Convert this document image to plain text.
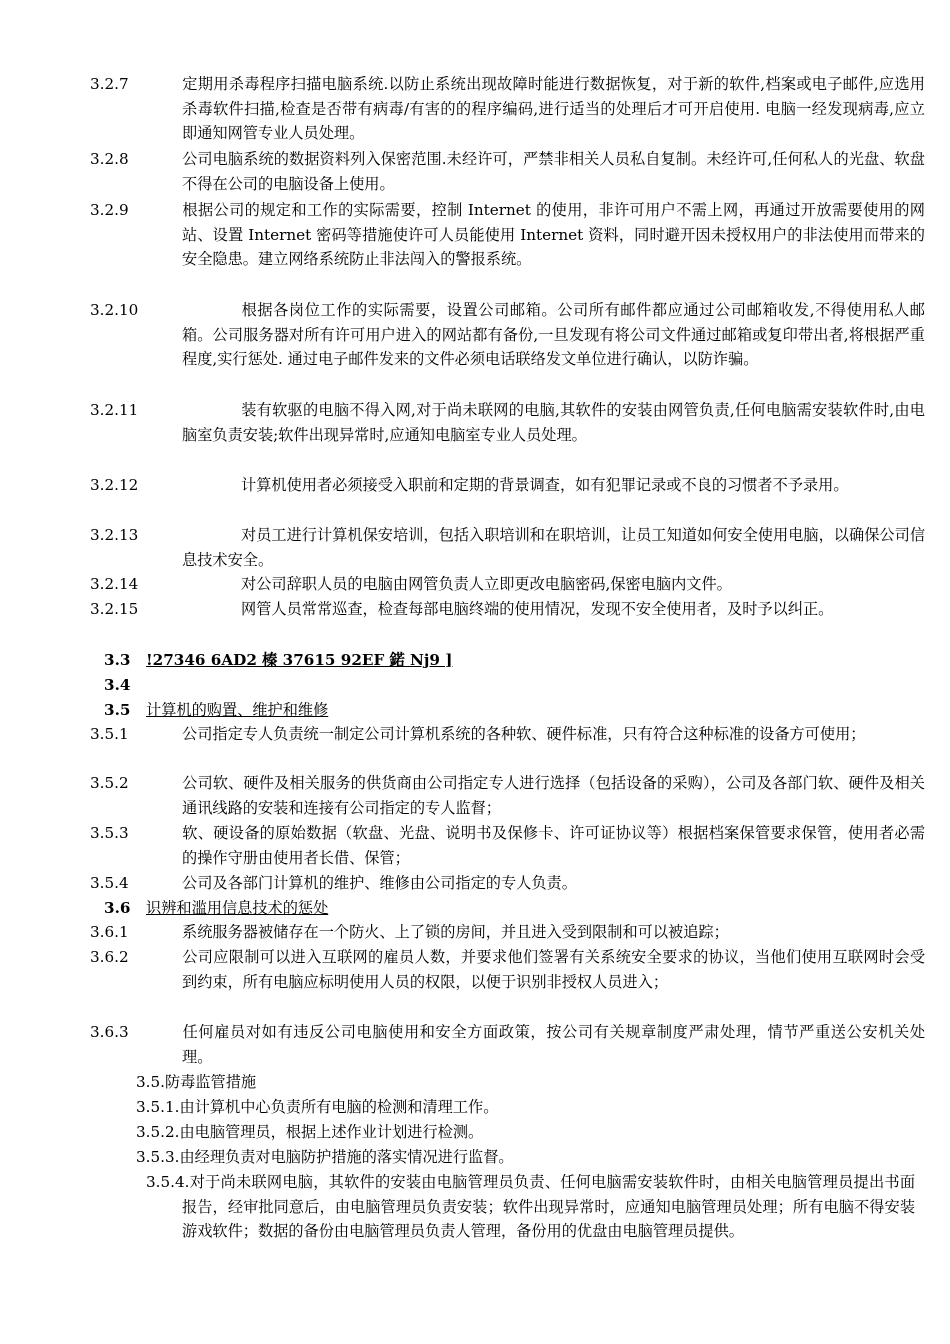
3.2.7	定期用杀毒程序扫描电脑系统.以防止系统出现故障时能进行数据恢复，对于新的软件,档案或电子邮件,应选用杀毒软件扫描,检查是否带有病毒/有害的的程序编码,进行适当的处理后才可开启使用. 电脑一经发现病毒,应立即通知网管专业人员处理。
3.2.8	公司电脑系统的数据资料列入保密范围.未经许可，严禁非相关人员私自复制。未经许可,任何私人的光盘、软盘不得在公司的电脑设备上使用。
3.2.9	根据公司的规定和工作的实际需要，控制 Internet 的使用，非许可用户不需上网，再通过开放需要使用的网站、设置 Internet 密码等措施使许可人员能使用 Internet 资料，同时避开因未授权用户的非法使用而带来的安全隐患。建立网络系统防止非法闯入的警报系统。
3.2.10	根据各岗位工作的实际需要，设置公司邮箱。公司所有邮件都应通过公司邮箱收发,不得使用私人邮箱。公司服务器对所有许可用户进入的网站都有备份,一旦发现有将公司文件通过邮箱或复印带出者,将根据严重程度,实行惩处. 通过电子邮件发来的文件必须电话联络发文单位进行确认，以防诈骗。
3.2.11	装有软驱的电脑不得入网,对于尚未联网的电脑,其软件的安装由网管负责,任何电脑需安装软件时,由电脑室负责安装;软件出现异常时,应通知电脑室专业人员处理。
3.2.12	计算机使用者必须接受入职前和定期的背景调查，如有犯罪记录或不良的习惯者不予录用。
3.2.13	对员工进行计算机保安培训，包括入职培训和在职培训，让员工知道如何安全使用电脑，以确保公司信息技术安全。
3.2.14	对公司辞职人员的电脑由网管负责人立即更改电脑密码,保密电脑内文件。
3.2.15	网管人员常常巡查，检查每部电脑终端的使用情况，发现不安全使用者，及时予以纠正。
3.3 !27346 6AD2 榛 37615 92EF 鍩 Nj9 ]
3.4
3.5 计算机的购置、维护和维修
3.5.1	公司指定专人负责统一制定公司计算机系统的各种软、硬件标准，只有符合这种标准的设备方可使用；
3.5.2	公司软、硬件及相关服务的供货商由公司指定专人进行选择（包括设备的采购），公司及各部门软、硬件及相关通讯线路的安装和连接有公司指定的专人监督；
3.5.3	软、硬设备的原始数据（软盘、光盘、说明书及保修卡、许可证协议等）根据档案保管要求保管，使用者必需的操作守册由使用者长借、保管；
3.5.4	公司及各部门计算机的维护、维修由公司指定的专人负责。
3.6 识辨和滥用信息技术的惩处
3.6.1	系统服务器被储存在一个防火、上了锁的房间，并且进入受到限制和可以被追踪；
3.6.2	公司应限制可以进入互联网的雇员人数，并要求他们签署有关系统安全要求的协议，当他们使用互联网时会受到约束，所有电脑应标明使用人员的权限，以便于识别非授权人员进入；
3.6.3	任何雇员对如有违反公司电脑使用和安全方面政策，按公司有关规章制度严肃处理，情节严重送公安机关处理。
3.5.防毒监管措施
3.5.1.由计算机中心负责所有电脑的检测和清理工作。
3.5.2.由电脑管理员，根据上述作业计划进行检测。
3.5.3.由经理负责对电脑防护措施的落实情况进行监督。
3.5.4.对于尚未联网电脑，其软件的安装由电脑管理员负责、任何电脑需安装软件时，由相关电脑管理员提出书面报告，经审批同意后，由电脑管理员负责安装；软件出现异常时，应通知电脑管理员处理；所有电脑不得安装游戏软件；数据的备份由电脑管理员负责人管理，备份用的优盘由电脑管理员提供。
